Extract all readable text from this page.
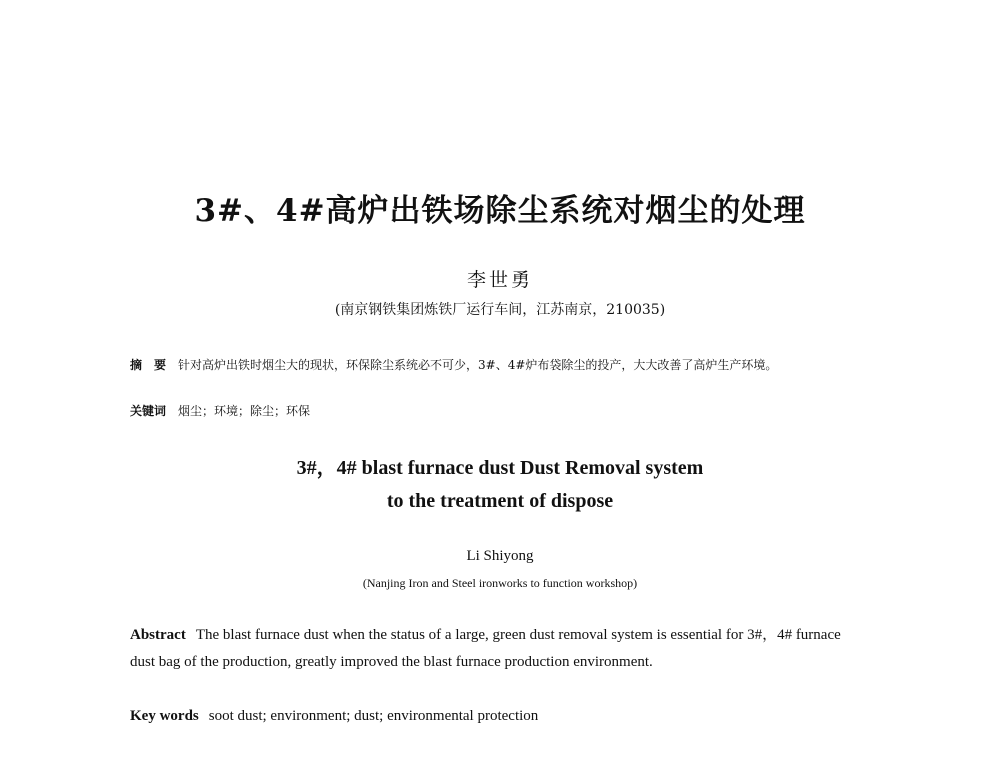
3#、4#高炉出铁场除尘系统对烟尘的处理
李世勇
(南京钢铁集团炼铁厂运行车间，江苏南京，210035)
摘　要 针对高炉出铁时烟尘大的现状，环保除尘系统必不可少，3#、4#炉布袋除尘的投产，大大改善了高炉生产环境。
关键词 烟尘；环境；除尘；环保
3#，4# blast furnace dust Dust Removal system
to the treatment of dispose
Li Shiyong
(Nanjing Iron and Steel ironworks to function workshop)
Abstract The blast furnace dust when the status of a large, green dust removal system is essential for 3#，4# furnace dust bag of the production, greatly improved the blast furnace production environment.
Key words soot dust; environment; dust; environmental protection
